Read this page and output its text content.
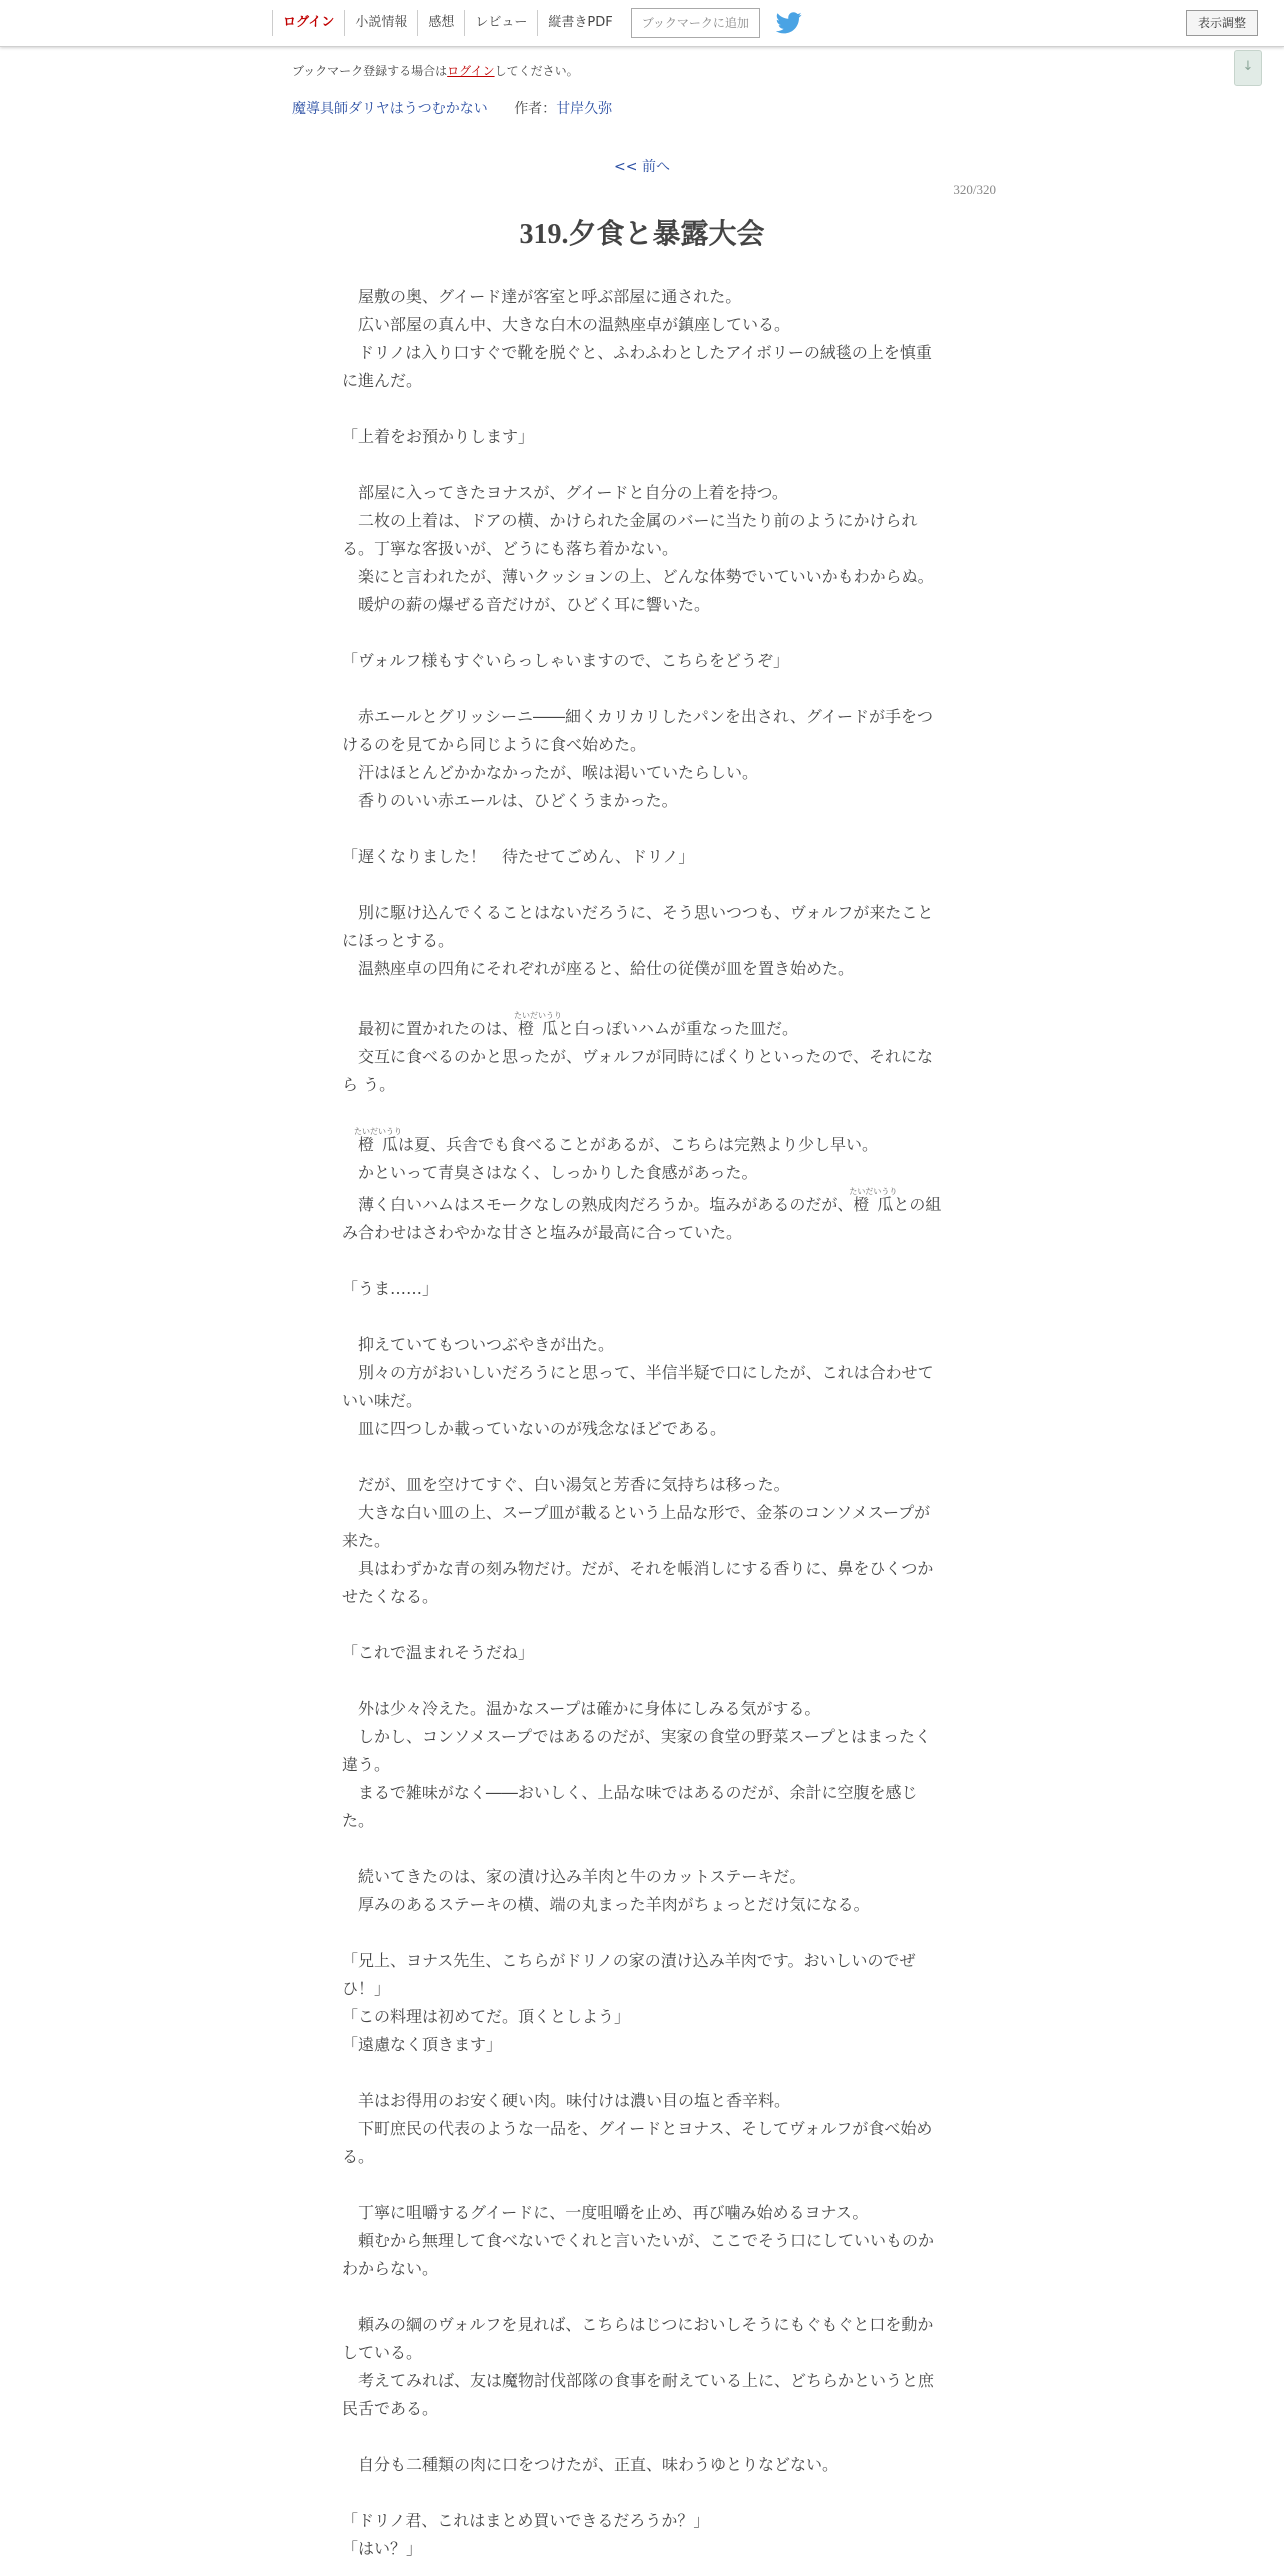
ログイン	小説情報	感想	レビュー	縦書きPDF	ブックマークに追加	表示調整
↓
ブックマーク登録する場合はログインしてください。
魔導具師ダリヤはうつむかない 作者：甘岸久弥
<< 前へ
320/320
319.夕食と暴露大会

　屋敷の奥、グイード達が客室と呼ぶ部屋に通された。

　広い部屋の真ん中、大きな白木の温熱座卓が鎮座している。

　ドリノは入り口すぐで靴を脱ぐと、ふわふわとしたアイボリーの絨毯の上を慎重に進んだ。

「上着をお預かりします」

　部屋に入ってきたヨナスが、グイードと自分の上着を持つ。

　二枚の上着は、ドアの横、かけられた金属のバーに当たり前のようにかけられる。丁寧な客扱いが、どうにも落ち着かない。

　楽にと言われたが、薄いクッションの上、どんな体勢でいていいかもわからぬ。

　暖炉の薪の爆ぜる音だけが、ひどく耳に響いた。

「ヴォルフ様もすぐいらっしゃいますので、こちらをどうぞ」

　赤エールとグリッシーニ――細くカリカリしたパンを出され、グイードが手をつけるのを見てから同じように食べ始めた。

　汗はほとんどかかなかったが、喉は渇いていたらしい。

　香りのいい赤エールは、ひどくうまかった。

「遅くなりました！　待たせてごめん、ドリノ」

　別に駆け込んでくることはないだろうに、そう思いつつも、ヴォルフが来たことにほっとする。

　温熱座卓の四角にそれぞれが座ると、給仕の従僕が皿を置き始めた。

　最初に置かれたのは、橙瓜たいだいうりと白っぽいハムが重なった皿だ。

　交互に食べるのかと思ったが、ヴォルフが同時にぱくりといったので、それになら う。

　橙瓜たいだいうりは夏、兵舎でも食べることがあるが、こちらは完熟より少し早い。

　かといって青臭さはなく、しっかりした食感があった。

　薄く白いハムはスモークなしの熟成肉だろうか。塩みがあるのだが、橙瓜たいだいうりとの組み合わせはさわやかな甘さと塩みが最高に合っていた。

「うま……」

　抑えていてもついつぶやきが出た。

　別々の方がおいしいだろうにと思って、半信半疑で口にしたが、これは合わせていい味だ。

　皿に四つしか載っていないのが残念なほどである。

　だが、皿を空けてすぐ、白い湯気と芳香に気持ちは移った。

　大きな白い皿の上、スープ皿が載るという上品な形で、金茶のコンソメスープが来た。

　具はわずかな青の刻み物だけ。だが、それを帳消しにする香りに、鼻をひくつかせたくなる。

「これで温まれそうだね」

　外は少々冷えた。温かなスープは確かに身体にしみる気がする。

　しかし、コンソメスープではあるのだが、実家の食堂の野菜スープとはまったく違う。

　まるで雑味がなく――おいしく、上品な味ではあるのだが、余計に空腹を感じた。

　続いてきたのは、家の漬け込み羊肉と牛のカットステーキだ。

　厚みのあるステーキの横、端の丸まった羊肉がちょっとだけ気になる。

「兄上、ヨナス先生、こちらがドリノの家の漬け込み羊肉です。おいしいのでぜひ！」

「この料理は初めてだ。頂くとしよう」

「遠慮なく頂きます」

　羊はお得用のお安く硬い肉。味付けは濃い目の塩と香辛料。

　下町庶民の代表のような一品を、グイードとヨナス、そしてヴォルフが食べ始める。

　丁寧に咀嚼するグイードに、一度咀嚼を止め、再び噛み始めるヨナス。

　頼むから無理して食べないでくれと言いたいが、ここでそう口にしていいものかわからない。

　頼みの綱のヴォルフを見れば、こちらはじつにおいしそうにもぐもぐと口を動かしている。

　考えてみれば、友は魔物討伐部隊の食事を耐えている上に、どちらかというと庶民舌である。

　自分も二種類の肉に口をつけたが、正直、味わうゆとりなどない。

「ドリノ君、これはまとめ買いできるだろうか？」

「はい？」
